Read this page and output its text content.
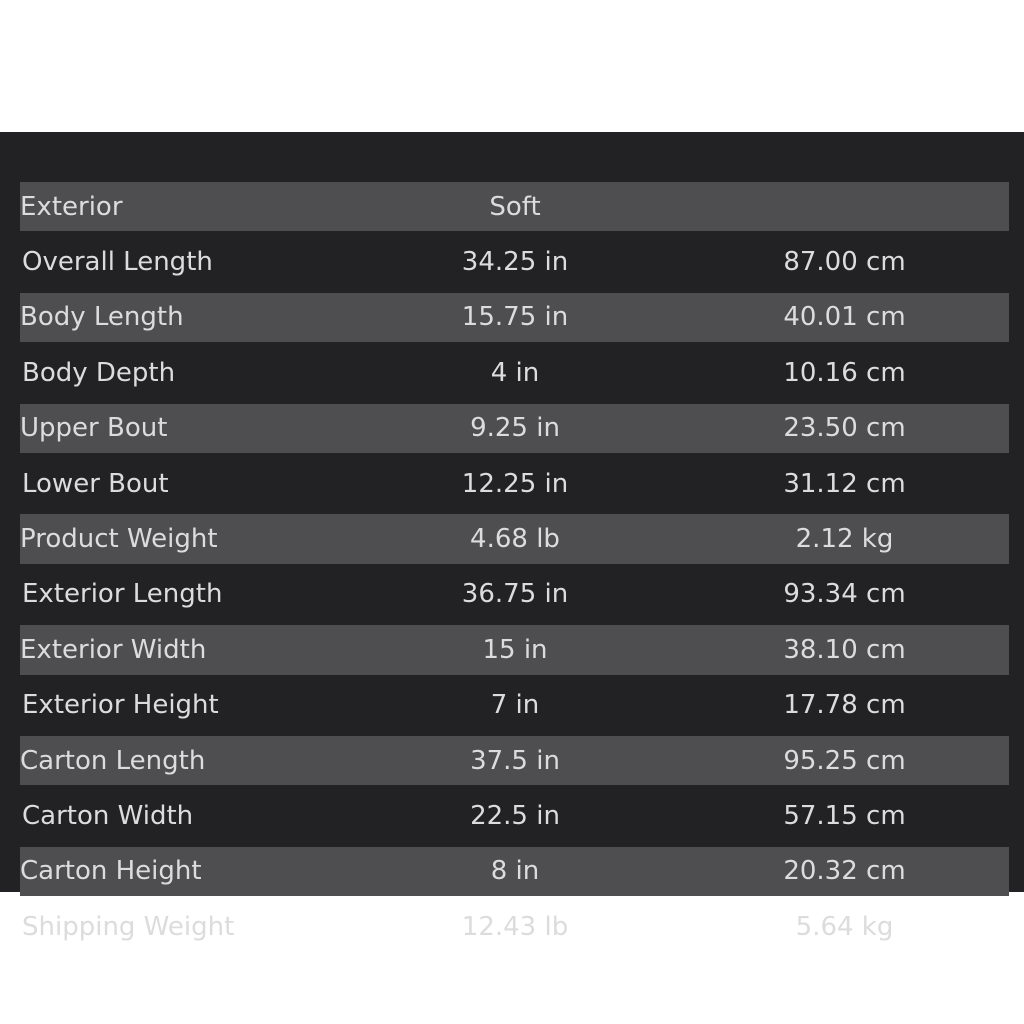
Exterior	Soft	
Overall Length	34.25 in	87.00 cm
Body Length	15.75 in	40.01 cm
Body Depth	4 in	10.16 cm
Upper Bout	9.25 in	23.50 cm
Lower Bout	12.25 in	31.12 cm
Product Weight	4.68 lb	2.12 kg
Exterior Length	36.75 in	93.34 cm
Exterior Width	15 in	38.10 cm
Exterior Height	7 in	17.78 cm
Carton Length	37.5 in	95.25 cm
Carton Width	22.5 in	57.15 cm
Carton Height	8 in	20.32 cm
Shipping Weight	12.43 lb	5.64 kg
